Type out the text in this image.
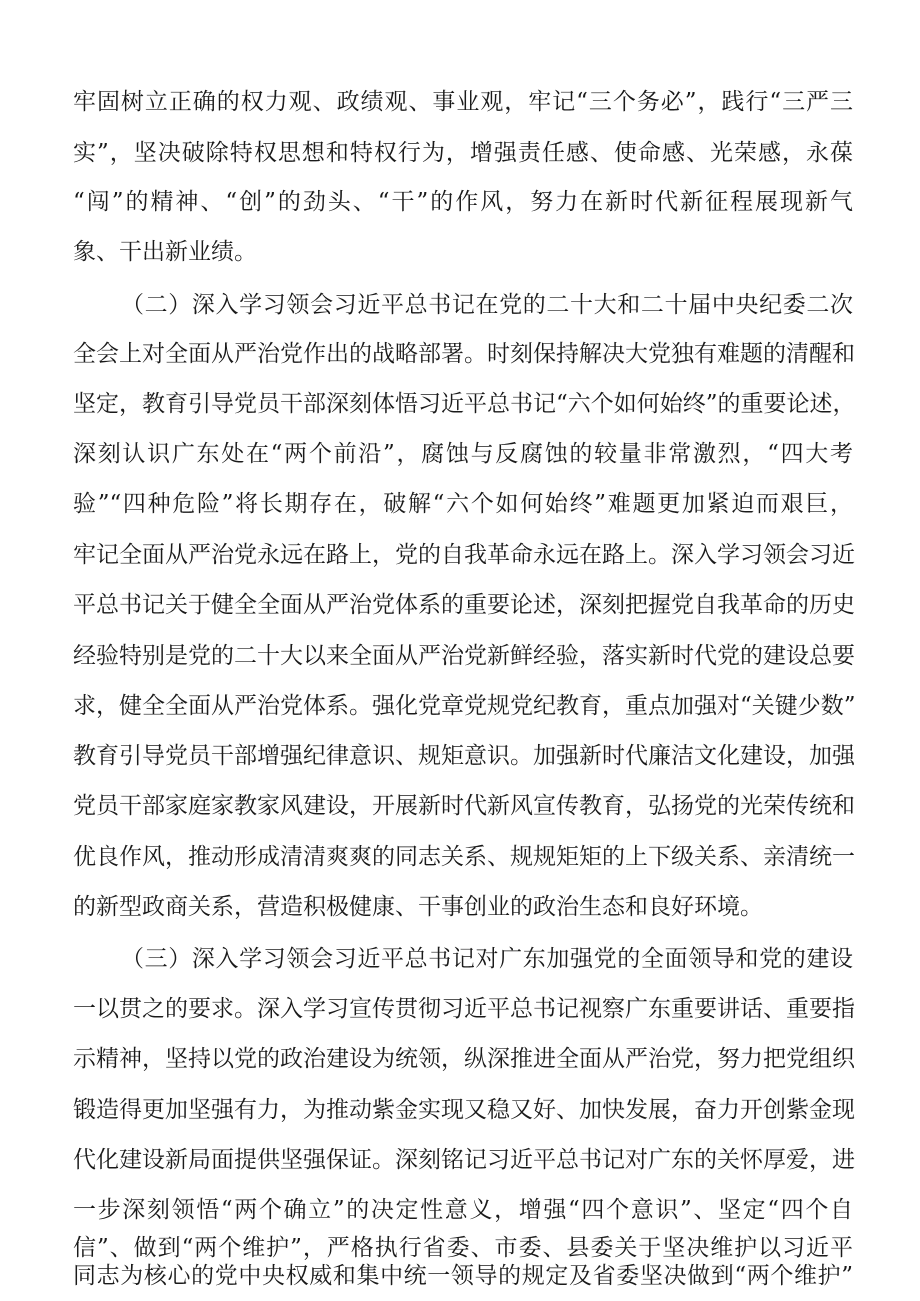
牢固树立正确的权力观、政绩观、事业观，牢记“三个务必”，践行“三严三
实”，坚决破除特权思想和特权行为，增强责任感、使命感、光荣感，永葆
“闯”的精神、“创”的劲头、“干”的作风，努力在新时代新征程展现新气
象、干出新业绩。
（二）深入学习领会习近平总书记在党的二十大和二十届中央纪委二次
全会上对全面从严治党作出的战略部署。时刻保持解决大党独有难题的清醒和
坚定，教育引导党员干部深刻体悟习近平总书记“六个如何始终”的重要论述，
深刻认识广东处在“两个前沿”，腐蚀与反腐蚀的较量非常激烈，“四大考
验”“四种危险”将长期存在，破解“六个如何始终”难题更加紧迫而艰巨，
牢记全面从严治党永远在路上，党的自我革命永远在路上。深入学习领会习近
平总书记关于健全全面从严治党体系的重要论述，深刻把握党自我革命的历史
经验特别是党的二十大以来全面从严治党新鲜经验，落实新时代党的建设总要
求，健全全面从严治党体系。强化党章党规党纪教育，重点加强对“关键少数”
教育引导党员干部增强纪律意识、规矩意识。加强新时代廉洁文化建设，加强
党员干部家庭家教家风建设，开展新时代新风宣传教育，弘扬党的光荣传统和
优良作风，推动形成清清爽爽的同志关系、规规矩矩的上下级关系、亲清统一
的新型政商关系，营造积极健康、干事创业的政治生态和良好环境。
（三）深入学习领会习近平总书记对广东加强党的全面领导和党的建设
一以贯之的要求。深入学习宣传贯彻习近平总书记视察广东重要讲话、重要指
示精神，坚持以党的政治建设为统领，纵深推进全面从严治党，努力把党组织
锻造得更加坚强有力，为推动紫金实现又稳又好、加快发展，奋力开创紫金现
代化建设新局面提供坚强保证。深刻铭记习近平总书记对广东的关怀厚爱，进
一步深刻领悟“两个确立”的决定性意义，增强“四个意识”、坚定“四个自
信”、做到“两个维护”，严格执行省委、市委、县委关于坚决维护以习近平
同志为核心的党中央权威和集中统一领导的规定及省委坚决做到“两个维护”
